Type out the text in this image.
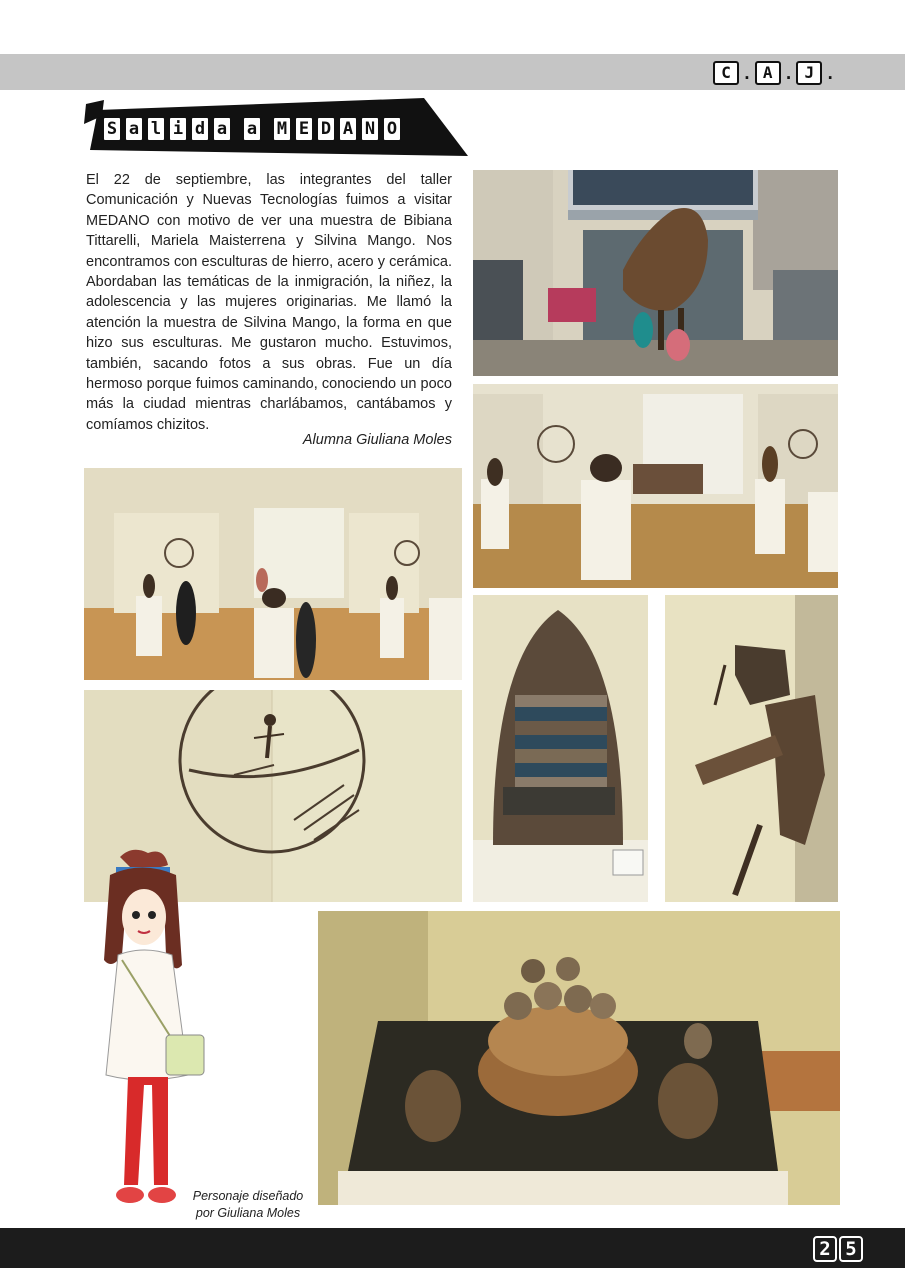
C . A . J .
S a l i d a a M E D A N O

El 22 de septiembre, las integrantes del taller Comunicación y Nuevas Tecnologías fuimos a visitar MEDANO con motivo de ver una muestra de Bibiana Tittarelli, Mariela Maisterrena y Silvina Mango. Nos encontramos con esculturas de hierro, acero y cerámica. Abordaban las temáticas de la inmigración, la niñez, la adolescencia y las mujeres originarias. Me llamó la atención la muestra de Silvina Mango, la forma en que hizo sus esculturas. Me gustaron mucho. Estuvimos, también, sacando fotos a sus obras. Fue un día hermoso porque fuimos caminando, conociendo un poco más la ciudad mientras charlábamos, cantábamos y comíamos chizitos.

Alumna Giuliana Moles
Personaje diseñado
por Giuliana Moles
2 5
